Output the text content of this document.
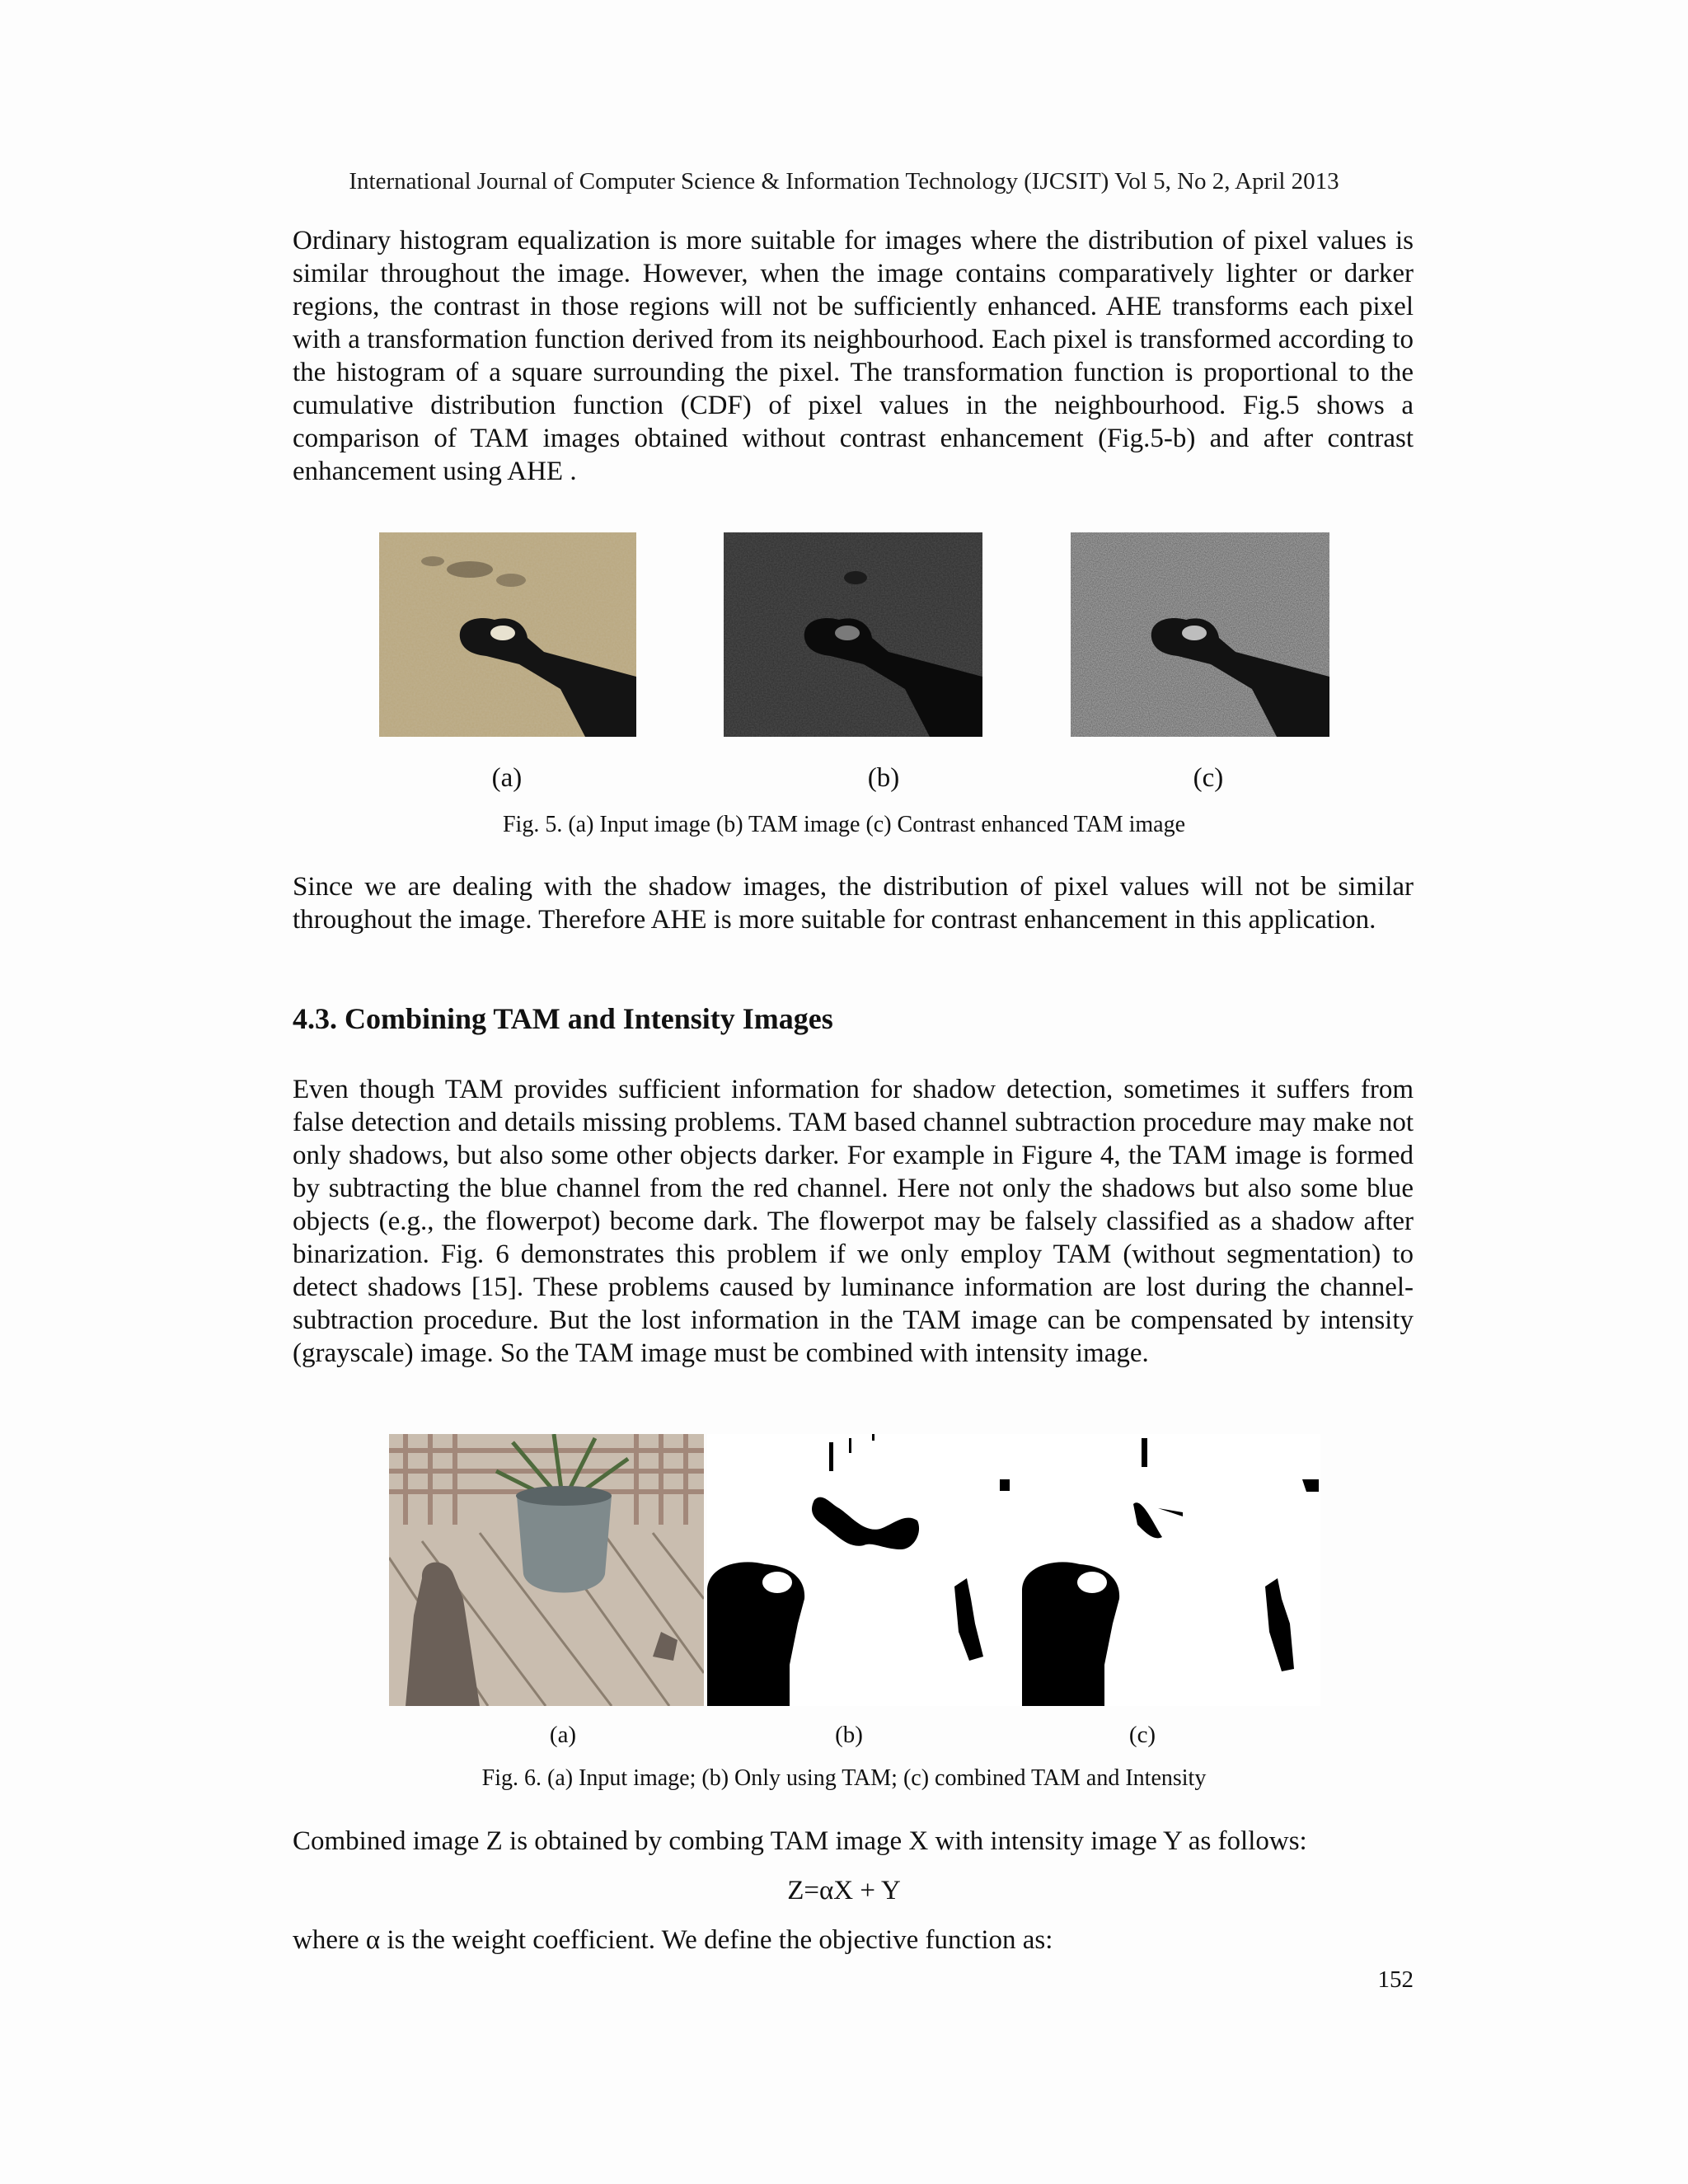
International Journal of Computer Science & Information Technology (IJCSIT) Vol 5, No 2, April 2013
Ordinary histogram equalization is more suitable for images where the distribution of pixel values is similar throughout the image. However, when the image contains comparatively lighter or darker regions, the contrast in those regions will not be sufficiently enhanced. AHE transforms each pixel with a transformation function derived from its neighbourhood. Each pixel is transformed according to the histogram of a square surrounding the pixel. The transformation function is proportional to the cumulative distribution function (CDF) of pixel values in the neighbourhood. Fig.5 shows a comparison of TAM images obtained without contrast enhancement (Fig.5-b) and after contrast enhancement using AHE .
(a)	(b)	(c)
Fig. 5. (a) Input image (b) TAM image (c) Contrast enhanced TAM image
Since we are dealing with the shadow images, the distribution of pixel values will not be similar throughout the image. Therefore AHE is more suitable for contrast enhancement in this application.
4.3. Combining TAM and Intensity Images
Even though TAM provides sufficient information for shadow detection, sometimes it suffers from false detection and details missing problems. TAM based channel subtraction procedure may make not only shadows, but also some other objects darker. For example in Figure 4, the TAM image is formed by subtracting the blue channel from the red channel. Here not only the shadows but also some blue objects (e.g., the flowerpot) become dark. The flowerpot may be falsely classified as a shadow after binarization. Fig. 6 demonstrates this problem if we only employ TAM (without segmentation) to detect shadows [15]. These problems caused by luminance information are lost during the channel-subtraction procedure. But the lost information in the TAM image can be compensated by intensity (grayscale) image. So the TAM image must be combined with intensity image.
(a)	(b)	(c)
Fig. 6. (a) Input image; (b) Only using TAM; (c) combined TAM and Intensity
Combined image Z is obtained by combing TAM image X with intensity image Y as follows:
Z=αX + Y
where α is the weight coefficient. We define the objective function as:
152
